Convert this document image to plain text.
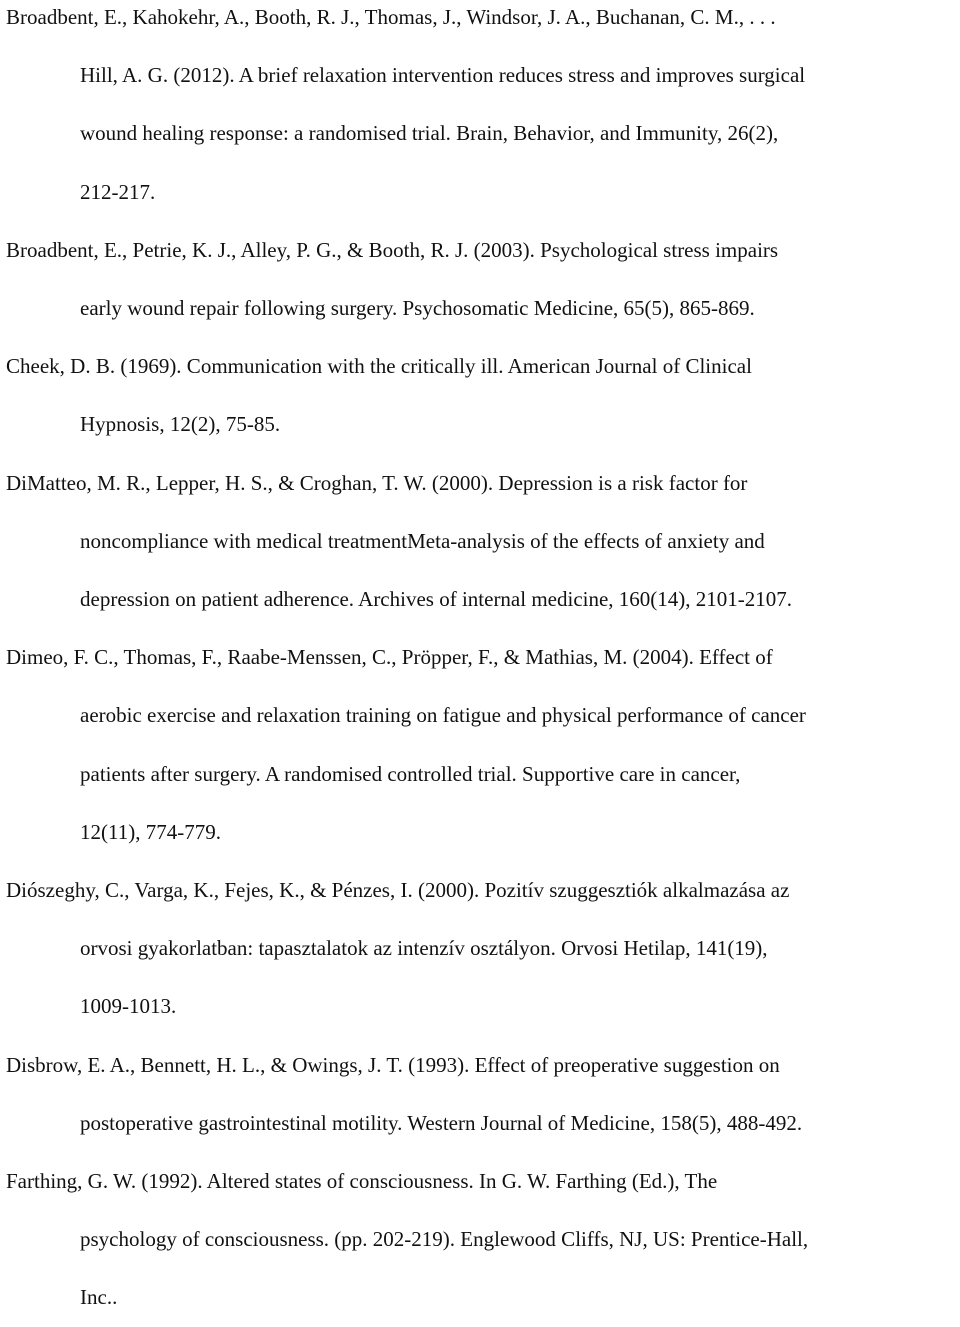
Broadbent, E., Kahokehr, A., Booth, R. J., Thomas, J., Windsor, J. A., Buchanan, C. M., . . .
Hill, A. G. (2012). A brief relaxation intervention reduces stress and improves surgical
wound healing response: a randomised trial. Brain, Behavior, and Immunity, 26(2),
212-217.

Broadbent, E., Petrie, K. J., Alley, P. G., & Booth, R. J. (2003). Psychological stress impairs
early wound repair following surgery. Psychosomatic Medicine, 65(5), 865-869.

Cheek, D. B. (1969). Communication with the critically ill. American Journal of Clinical
Hypnosis, 12(2), 75-85.

DiMatteo, M. R., Lepper, H. S., & Croghan, T. W. (2000). Depression is a risk factor for
noncompliance with medical treatmentMeta-analysis of the effects of anxiety and
depression on patient adherence. Archives of internal medicine, 160(14), 2101-2107.

Dimeo, F. C., Thomas, F., Raabe-Menssen, C., Pröpper, F., & Mathias, M. (2004). Effect of
aerobic exercise and relaxation training on fatigue and physical performance of cancer
patients after surgery. A randomised controlled trial. Supportive care in cancer,
12(11), 774-779.

Diószeghy, C., Varga, K., Fejes, K., & Pénzes, I. (2000). Pozitív szuggesztiók alkalmazása az
orvosi gyakorlatban: tapasztalatok az intenzív osztályon. Orvosi Hetilap, 141(19),
1009-1013.

Disbrow, E. A., Bennett, H. L., & Owings, J. T. (1993). Effect of preoperative suggestion on
postoperative gastrointestinal motility. Western Journal of Medicine, 158(5), 488-492.

Farthing, G. W. (1992). Altered states of consciousness. In G. W. Farthing (Ed.), The
psychology of consciousness. (pp. 202-219). Englewood Cliffs, NJ, US: Prentice-Hall,
Inc..
